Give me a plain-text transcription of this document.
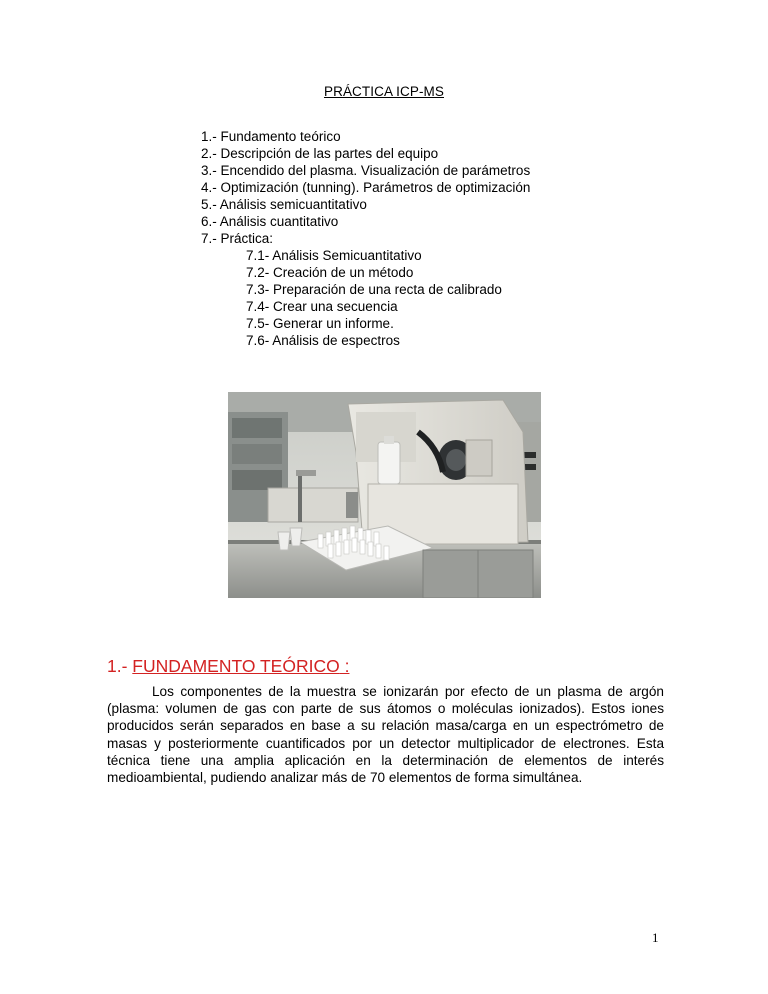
PRÁCTICA ICP-MS
1.- Fundamento teórico
2.- Descripción de las partes del equipo
3.- Encendido del plasma. Visualización de parámetros
4.- Optimización (tunning). Parámetros de optimización
5.- Análisis semicuantitativo
6.- Análisis cuantitativo
7.- Práctica:
7.1- Análisis Semicuantitativo
7.2- Creación de un método
7.3- Preparación de una recta de calibrado
7.4- Crear una secuencia
7.5- Generar un informe.
7.6- Análisis de espectros
1.- FUNDAMENTO TEÓRICO :

Los componentes de la muestra se ionizarán por efecto de un plasma de argón (plasma: volumen de gas con parte de sus átomos o moléculas ionizados). Estos iones producidos serán separados en base a su relación masa/carga en un espectrómetro de masas y posteriormente cuantificados por un detector multiplicador de electrones. Esta técnica tiene una amplia aplicación en la determinación de elementos de interés medioambiental, pudiendo analizar más de 70 elementos de forma simultánea.

1
